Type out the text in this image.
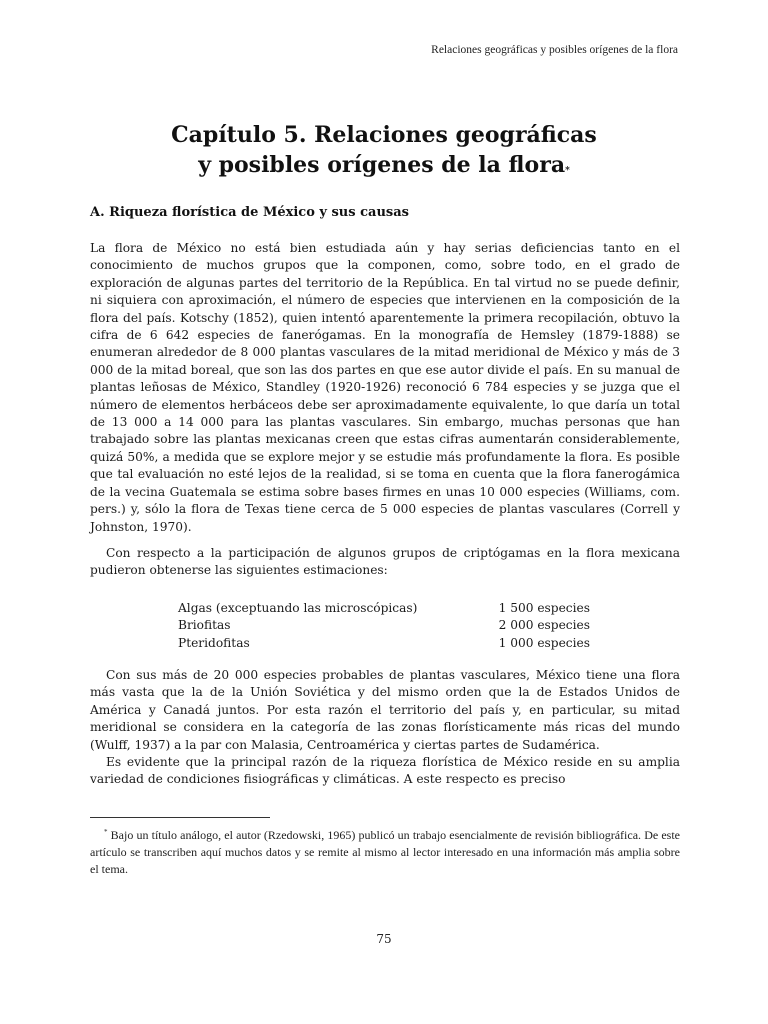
Relaciones geográficas y posibles orígenes de la flora
Capítulo 5. Relaciones geográficas
y posibles orígenes de la flora*
A. Riqueza florística de México y sus causas

La flora de México no está bien estudiada aún y hay serias deficiencias tanto en el conocimiento de muchos grupos que la componen, como, sobre todo, en el grado de exploración de algunas partes del territorio de la República. En tal virtud no se puede definir, ni siquiera con aproximación, el número de especies que intervienen en la composición de la flora del país. Kotschy (1852), quien intentó aparentemente la primera recopilación, obtuvo la cifra de 6 642 especies de fanerógamas. En la monografía de Hemsley (1879-1888) se enumeran alrededor de 8 000 plantas vasculares de la mitad meridional de México y más de 3 000 de la mitad boreal, que son las dos partes en que ese autor divide el país. En su manual de plantas leñosas de México, Standley (1920-1926) reconoció 6 784 especies y se juzga que el número de elementos herbáceos debe ser aproximadamente equivalente, lo que daría un total de 13 000 a 14 000 para las plantas vasculares. Sin embargo, muchas personas que han trabajado sobre las plantas mexicanas creen que estas cifras aumentarán considerablemente, quizá 50%, a medida que se explore mejor y se estudie más profundamente la flora. Es posible que tal evaluación no esté lejos de la realidad, si se toma en cuenta que la flora fanerogámica de la vecina Guatemala se estima sobre bases firmes en unas 10 000 especies (Williams, com. pers.) y, sólo la flora de Texas tiene cerca de 5 000 especies de plantas vasculares (Correll y Johnston, 1970).

Con respecto a la participación de algunos grupos de criptógamas en la flora mexicana pudieron obtenerse las siguientes estimaciones:

Algas (exceptuando las microscópicas)	1 500 especies
Briofitas	2 000 especies
Pteridofitas	1 000 especies

Con sus más de 20 000 especies probables de plantas vasculares, México tiene una flora más vasta que la de la Unión Soviética y del mismo orden que la de Estados Unidos de América y Canadá juntos. Por esta razón el territorio del país y, en particular, su mitad meridional se considera en la categoría de las zonas florísticamente más ricas del mundo (Wulff, 1937) a la par con Malasia, Centroamérica y ciertas partes de Sudamérica.

Es evidente que la principal razón de la riqueza florística de México reside en su amplia variedad de condiciones fisiográficas y climáticas. A este respecto es preciso

* Bajo un título análogo, el autor (Rzedowski, 1965) publicó un trabajo esencialmente de revisión bibliográfica. De este artículo se transcriben aquí muchos datos y se remite al mismo al lector interesado en una información más amplia sobre el tema.
75
